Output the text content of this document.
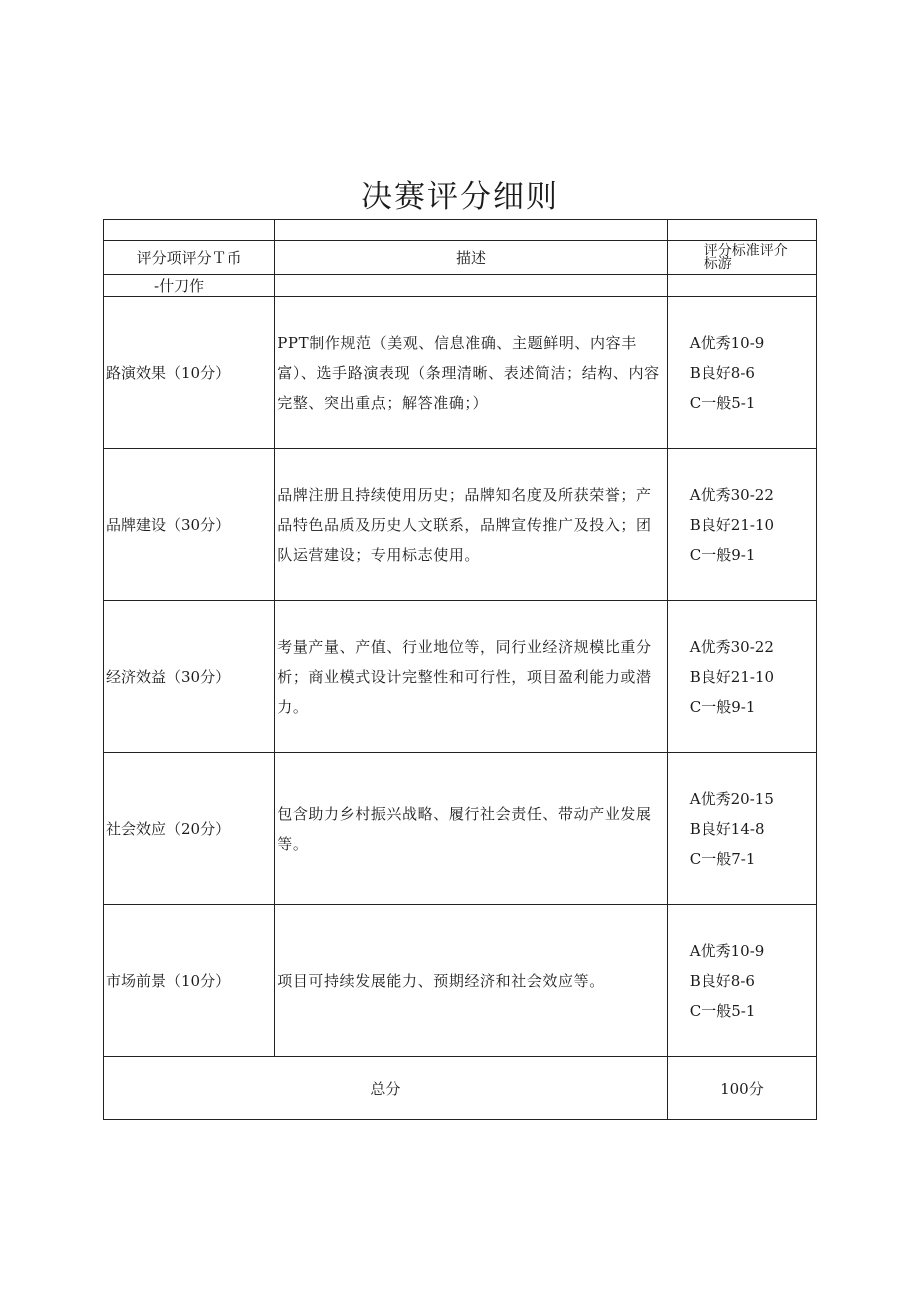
决赛评分细则

评分项评分Ｔ币	描述	评分标准评介
标游

-什刀作		
路演效果（10分）	PPT制作规范（美观、信息准确、主题鲜明、内容丰富）、选手路演表现（条理清晰、表述简洁；结构、内容完整、突出重点；解答准确；）	A优秀10-9
B良好8-6
C一般5-1

品牌建设（30分）	品牌注册且持续使用历史；品牌知名度及所获荣誉；产品特色品质及历史人文联系，品牌宣传推广及投入；团队运营建设；专用标志使用。	A优秀30-22
B良好21-10
C一般9-1

经济效益（30分）	考量产量、产值、行业地位等，同行业经济规模比重分析；商业模式设计完整性和可行性，项目盈利能力或潜力。	A优秀30-22
B良好21-10
C一般9-1

社会效应（20分）	包含助力乡村振兴战略、履行社会责任、带动产业发展等。	A优秀20-15
B良好14-8
C一般7-1

市场前景（10分）	项目可持续发展能力、预期经济和社会效应等。	A优秀10-9
B良好8-6
C一般5-1

总分		100分
